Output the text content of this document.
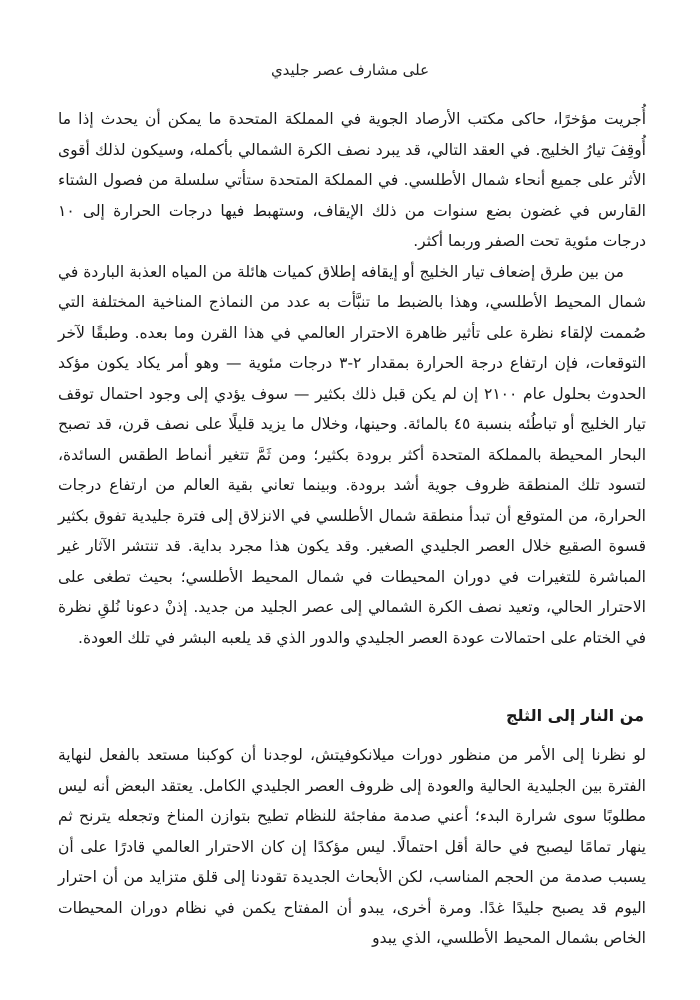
على مشارف عصر جليدي

أُجريت مؤخرًا، حاكى مكتب الأرصاد الجوية في المملكة المتحدة ما يمكن أن يحدث إذا ما أُوقِفَ تيارُ الخليج. في العقد التالي، قد يبرد نصف الكرة الشمالي بأكمله، وسيكون لذلك أقوى الأثر على جميع أنحاء شمال الأطلسي. في المملكة المتحدة ستأتي سلسلة من فصول الشتاء القارس في غضون بضع سنوات من ذلك الإيقاف، وستهبط فيها درجات الحرارة إلى ١٠ درجات مئوية تحت الصفر وربما أكثر.

من بين طرق إضعاف تيار الخليج أو إيقافه إطلاق كميات هائلة من المياه العذبة الباردة في شمال المحيط الأطلسي، وهذا بالضبط ما تنبَّأت به عدد من النماذج المناخية المختلفة التي صُممت لإلقاء نظرة على تأثير ظاهرة الاحترار العالمي في هذا القرن وما بعده. وطبقًا لآخر التوقعات، فإن ارتفاع درجة الحرارة بمقدار ٢-٣ درجات مئوية — وهو أمر يكاد يكون مؤكد الحدوث بحلول عام ٢١٠٠ إن لم يكن قبل ذلك بكثير — سوف يؤدي إلى وجود احتمال توقف تيار الخليج أو تباطُئه بنسبة ٤٥ بالمائة. وحينها، وخلال ما يزيد قليلًا على نصف قرن، قد تصبح البحار المحيطة بالمملكة المتحدة أكثر برودة بكثير؛ ومن ثَمَّ تتغير أنماط الطقس السائدة، لتسود تلك المنطقة ظروف جوية أشد برودة. وبينما تعاني بقية العالم من ارتفاع درجات الحرارة، من المتوقع أن تبدأ منطقة شمال الأطلسي في الانزلاق إلى فترة جليدية تفوق بكثير قسوة الصقيع خلال العصر الجليدي الصغير. وقد يكون هذا مجرد بداية. قد تنتشر الآثار غير المباشرة للتغيرات في دوران المحيطات في شمال المحيط الأطلسي؛ بحيث تطغى على الاحترار الحالي، وتعيد نصف الكرة الشمالي إلى عصر الجليد من جديد. إذنْ دعونا نُلقِ نظرة في الختام على احتمالات عودة العصر الجليدي والدور الذي قد يلعبه البشر في تلك العودة.

من النار إلى الثلج

لو نظرنا إلى الأمر من منظور دورات ميلانكوفيتش، لوجدنا أن كوكبنا مستعد بالفعل لنهاية الفترة بين الجليدية الحالية والعودة إلى ظروف العصر الجليدي الكامل. يعتقد البعض أنه ليس مطلوبًا سوى شرارة البدء؛ أعني صدمة مفاجئة للنظام تطيح بتوازن المناخ وتجعله يترنح ثم ينهار تمامًا ليصبح في حالة أقل احتمالًا. ليس مؤكدًا إن كان الاحترار العالمي قادرًا على أن يسبب صدمة من الحجم المناسب، لكن الأبحاث الجديدة تقودنا إلى قلق متزايد من أن احترار اليوم قد يصبح جليدًا غدًا. ومرة أخرى، يبدو أن المفتاح يكمن في نظام دوران المحيطات الخاص بشمال المحيط الأطلسي، الذي يبدو
